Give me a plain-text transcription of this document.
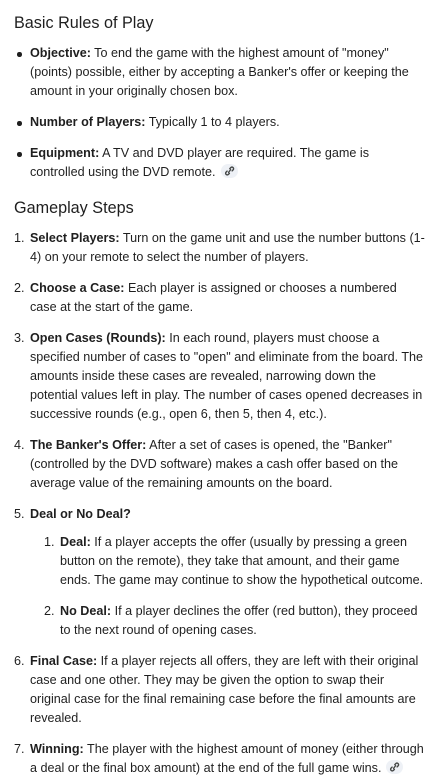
Basic Rules of Play
Objective: To end the game with the highest amount of "money" (points) possible, either by accepting a Banker's offer or keeping the amount in your originally chosen box.
Number of Players: Typically 1 to 4 players.
Equipment: A TV and DVD player are required. The game is controlled using the DVD remote.
Gameplay Steps
1. Select Players: Turn on the game unit and use the number buttons (1-4) on your remote to select the number of players.
2. Choose a Case: Each player is assigned or chooses a numbered case at the start of the game.
3. Open Cases (Rounds): In each round, players must choose a specified number of cases to "open" and eliminate from the board. The amounts inside these cases are revealed, narrowing down the potential values left in play. The number of cases opened decreases in successive rounds (e.g., open 6, then 5, then 4, etc.).
4. The Banker's Offer: After a set of cases is opened, the "Banker" (controlled by the DVD software) makes a cash offer based on the average value of the remaining amounts on the board.
5. Deal or No Deal?
1. Deal: If a player accepts the offer (usually by pressing a green button on the remote), they take that amount, and their game ends. The game may continue to show the hypothetical outcome.
2. No Deal: If a player declines the offer (red button), they proceed to the next round of opening cases.
6. Final Case: If a player rejects all offers, they are left with their original case and one other. They may be given the option to swap their original case for the final remaining case before the final amounts are revealed.
7. Winning: The player with the highest amount of money (either through a deal or the final box amount) at the end of the full game wins.
